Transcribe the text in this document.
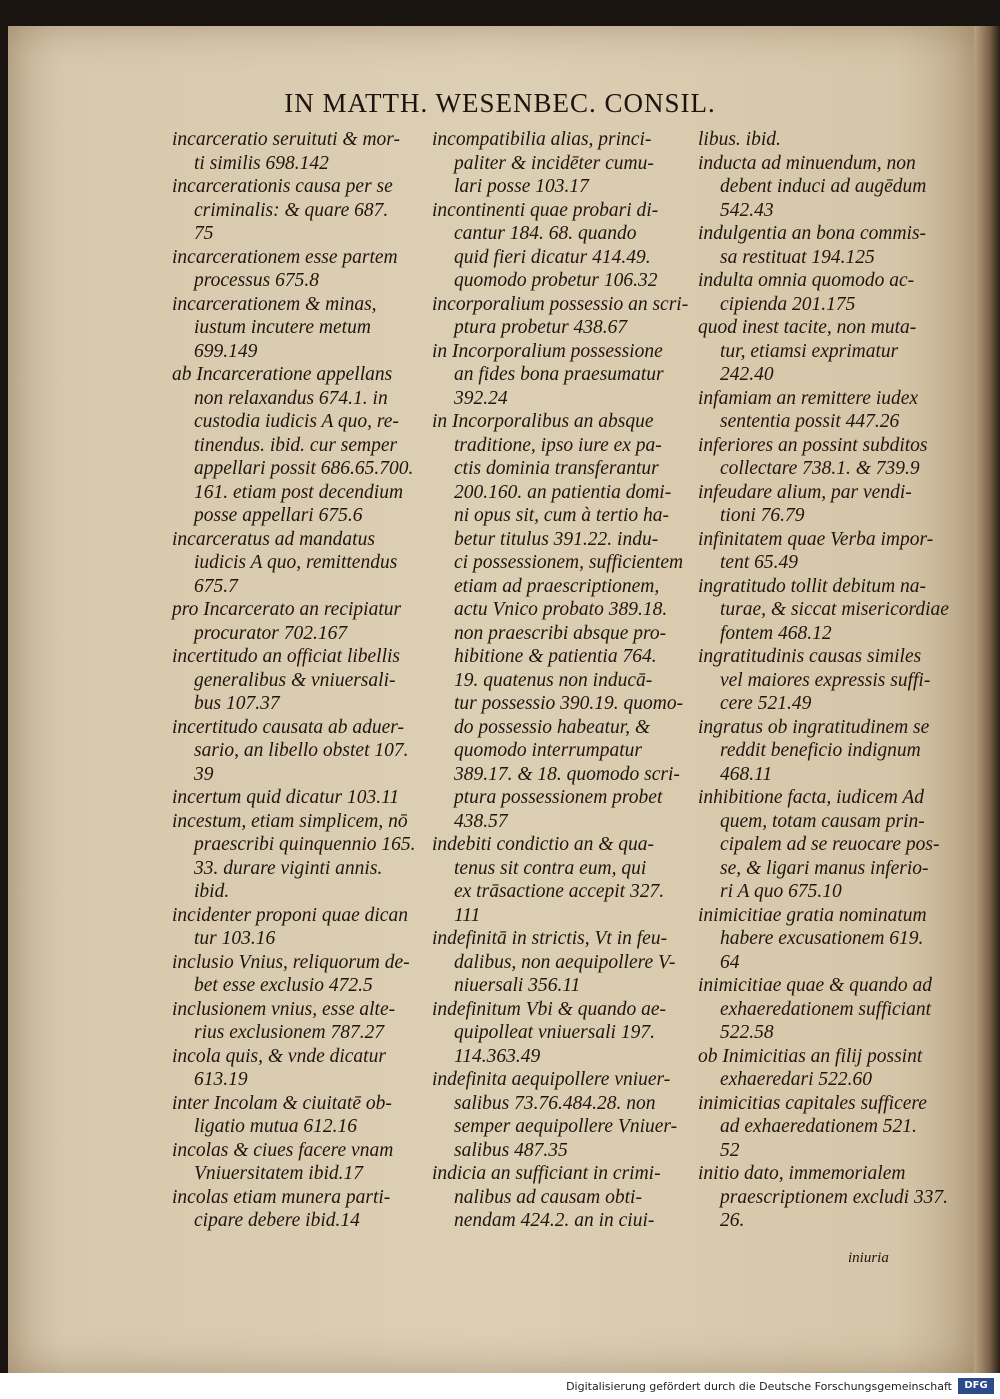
IN MATTH. WESENBEC. CONSIL.
incarceratio seruituti & mor-
ti similis 698.142
incarcerationis causa per se
criminalis: & quare 687.
75
incarcerationem esse partem
processus 675.8
incarcerationem & minas,
iustum incutere metum
699.149
ab Incarceratione appellans
non relaxandus 674.1. in
custodia iudicis A quo, re-
tinendus. ibid. cur semper
appellari possit 686.65.700.
161. etiam post decendium
posse appellari 675.6
incarceratus ad mandatus
iudicis A quo, remittendus
675.7
pro Incarcerato an recipiatur
procurator 702.167
incertitudo an officiat libellis
generalibus & vniuersali-
bus 107.37
incertitudo causata ab aduer-
sario, an libello obstet 107.
39
incertum quid dicatur 103.11
incestum, etiam simplicem, nō
praescribi quinquennio 165.
33. durare viginti annis.
ibid.
incidenter proponi quae dican
tur 103.16
inclusio Vnius, reliquorum de-
bet esse exclusio 472.5
inclusionem vnius, esse alte-
rius exclusionem 787.27
incola quis, & vnde dicatur
613.19
inter Incolam & ciuitatē ob-
ligatio mutua 612.16
incolas & ciues facere vnam
Vniuersitatem ibid.17
incolas etiam munera parti-
cipare debere ibid.14
incompatibilia alias, princi-
paliter & incidēter cumu-
lari posse 103.17
incontinenti quae probari di-
cantur 184. 68. quando
quid fieri dicatur 414.49.
quomodo probetur 106.32
incorporalium possessio an scri-
ptura probetur 438.67
in Incorporalium possessione
an fides bona praesumatur
392.24
in Incorporalibus an absque
traditione, ipso iure ex pa-
ctis dominia transferantur
200.160. an patientia domi-
ni opus sit, cum à tertio ha-
betur titulus 391.22. indu-
ci possessionem, sufficientem
etiam ad praescriptionem,
actu Vnico probato 389.18.
non praescribi absque pro-
hibitione & patientia 764.
19. quatenus non inducā-
tur possessio 390.19. quomo-
do possessio habeatur, &
quomodo interrumpatur
389.17. & 18. quomodo scri-
ptura possessionem probet
438.57
indebiti condictio an & qua-
tenus sit contra eum, qui
ex trāsactione accepit 327.
111
indefinitā in strictis, Vt in feu-
dalibus, non aequipollere V-
niuersali 356.11
indefinitum Vbi & quando ae-
quipolleat vniuersali 197.
114.363.49
indefinita aequipollere vniuer-
salibus 73.76.484.28. non
semper aequipollere Vniuer-
salibus 487.35
indicia an sufficiant in crimi-
nalibus ad causam obti-
nendam 424.2. an in ciui-
libus. ibid.
inducta ad minuendum, non
debent induci ad augēdum
542.43
indulgentia an bona commis-
sa restituat 194.125
indulta omnia quomodo ac-
cipienda 201.175
quod inest tacite, non muta-
tur, etiamsi exprimatur
242.40
infamiam an remittere iudex
sententia possit 447.26
inferiores an possint subditos
collectare 738.1. & 739.9
infeudare alium, par vendi-
tioni 76.79
infinitatem quae Verba impor-
tent 65.49
ingratitudo tollit debitum na-
turae, & siccat misericordiae
fontem 468.12
ingratitudinis causas similes
vel maiores expressis suffi-
cere 521.49
ingratus ob ingratitudinem se
reddit beneficio indignum
468.11
inhibitione facta, iudicem Ad
quem, totam causam prin-
cipalem ad se reuocare pos-
se, & ligari manus inferio-
ri A quo 675.10
inimicitiae gratia nominatum
habere excusationem 619.
64
inimicitiae quae & quando ad
exhaeredationem sufficiant
522.58
ob Inimicitias an filij possint
exhaeredari 522.60
inimicitias capitales sufficere
ad exhaeredationem 521.
52
initio dato, immemorialem
praescriptionem excludi 337.
26.
iniuria
Digitalisierung gefördert durch die Deutsche Forschungsgemeinschaft	DFG
